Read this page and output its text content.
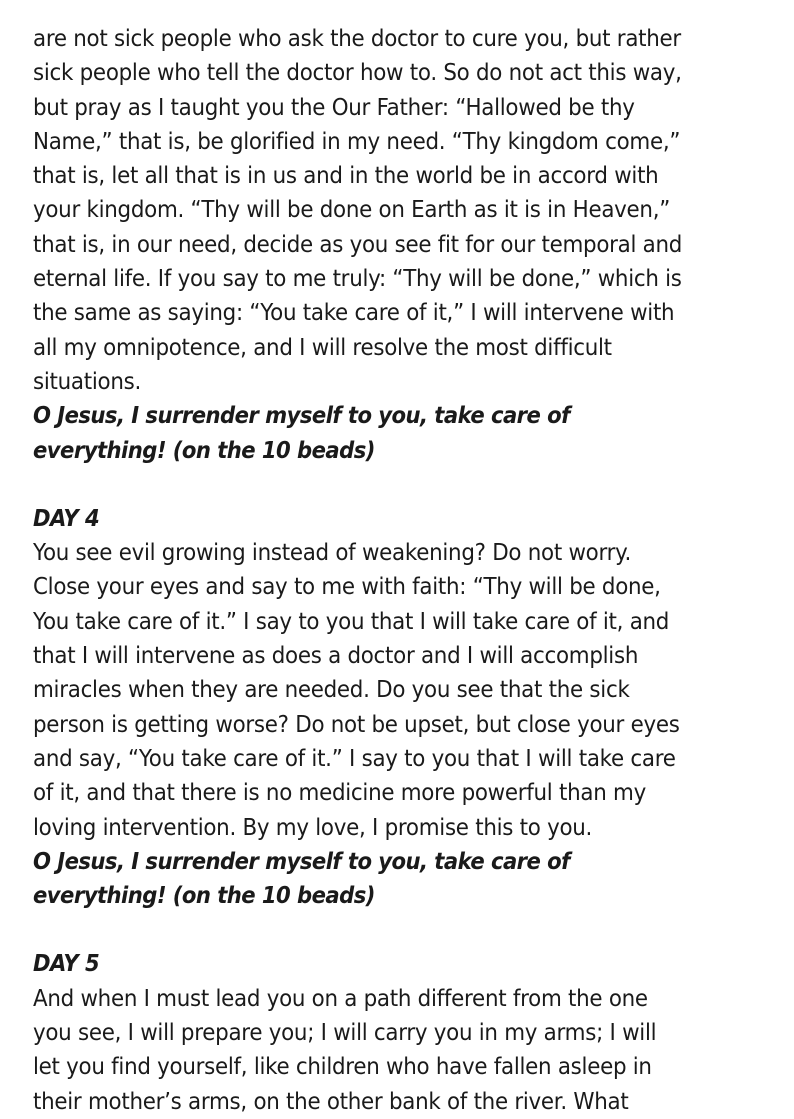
are not sick people who ask the doctor to cure you, but rather
sick people who tell the doctor how to. So do not act this way,
but pray as I taught you the Our Father: “Hallowed be thy
Name,” that is, be glorified in my need. “Thy kingdom come,”
that is, let all that is in us and in the world be in accord with
your kingdom. “Thy will be done on Earth as it is in Heaven,”
that is, in our need, decide as you see fit for our temporal and
eternal life. If you say to me truly: “Thy will be done,” which is
the same as saying: “You take care of it,” I will intervene with
all my omnipotence, and I will resolve the most difficult
situations.
O Jesus, I surrender myself to you, take care of
everything! (on the 10 beads)
DAY 4
You see evil growing instead of weakening? Do not worry.
Close your eyes and say to me with faith: “Thy will be done,
You take care of it.” I say to you that I will take care of it, and
that I will intervene as does a doctor and I will accomplish
miracles when they are needed. Do you see that the sick
person is getting worse? Do not be upset, but close your eyes
and say, “You take care of it.” I say to you that I will take care
of it, and that there is no medicine more powerful than my
loving intervention. By my love, I promise this to you.
O Jesus, I surrender myself to you, take care of
everything! (on the 10 beads)
DAY 5
And when I must lead you on a path different from the one
you see, I will prepare you; I will carry you in my arms; I will
let you find yourself, like children who have fallen asleep in
their mother’s arms, on the other bank of the river. What
